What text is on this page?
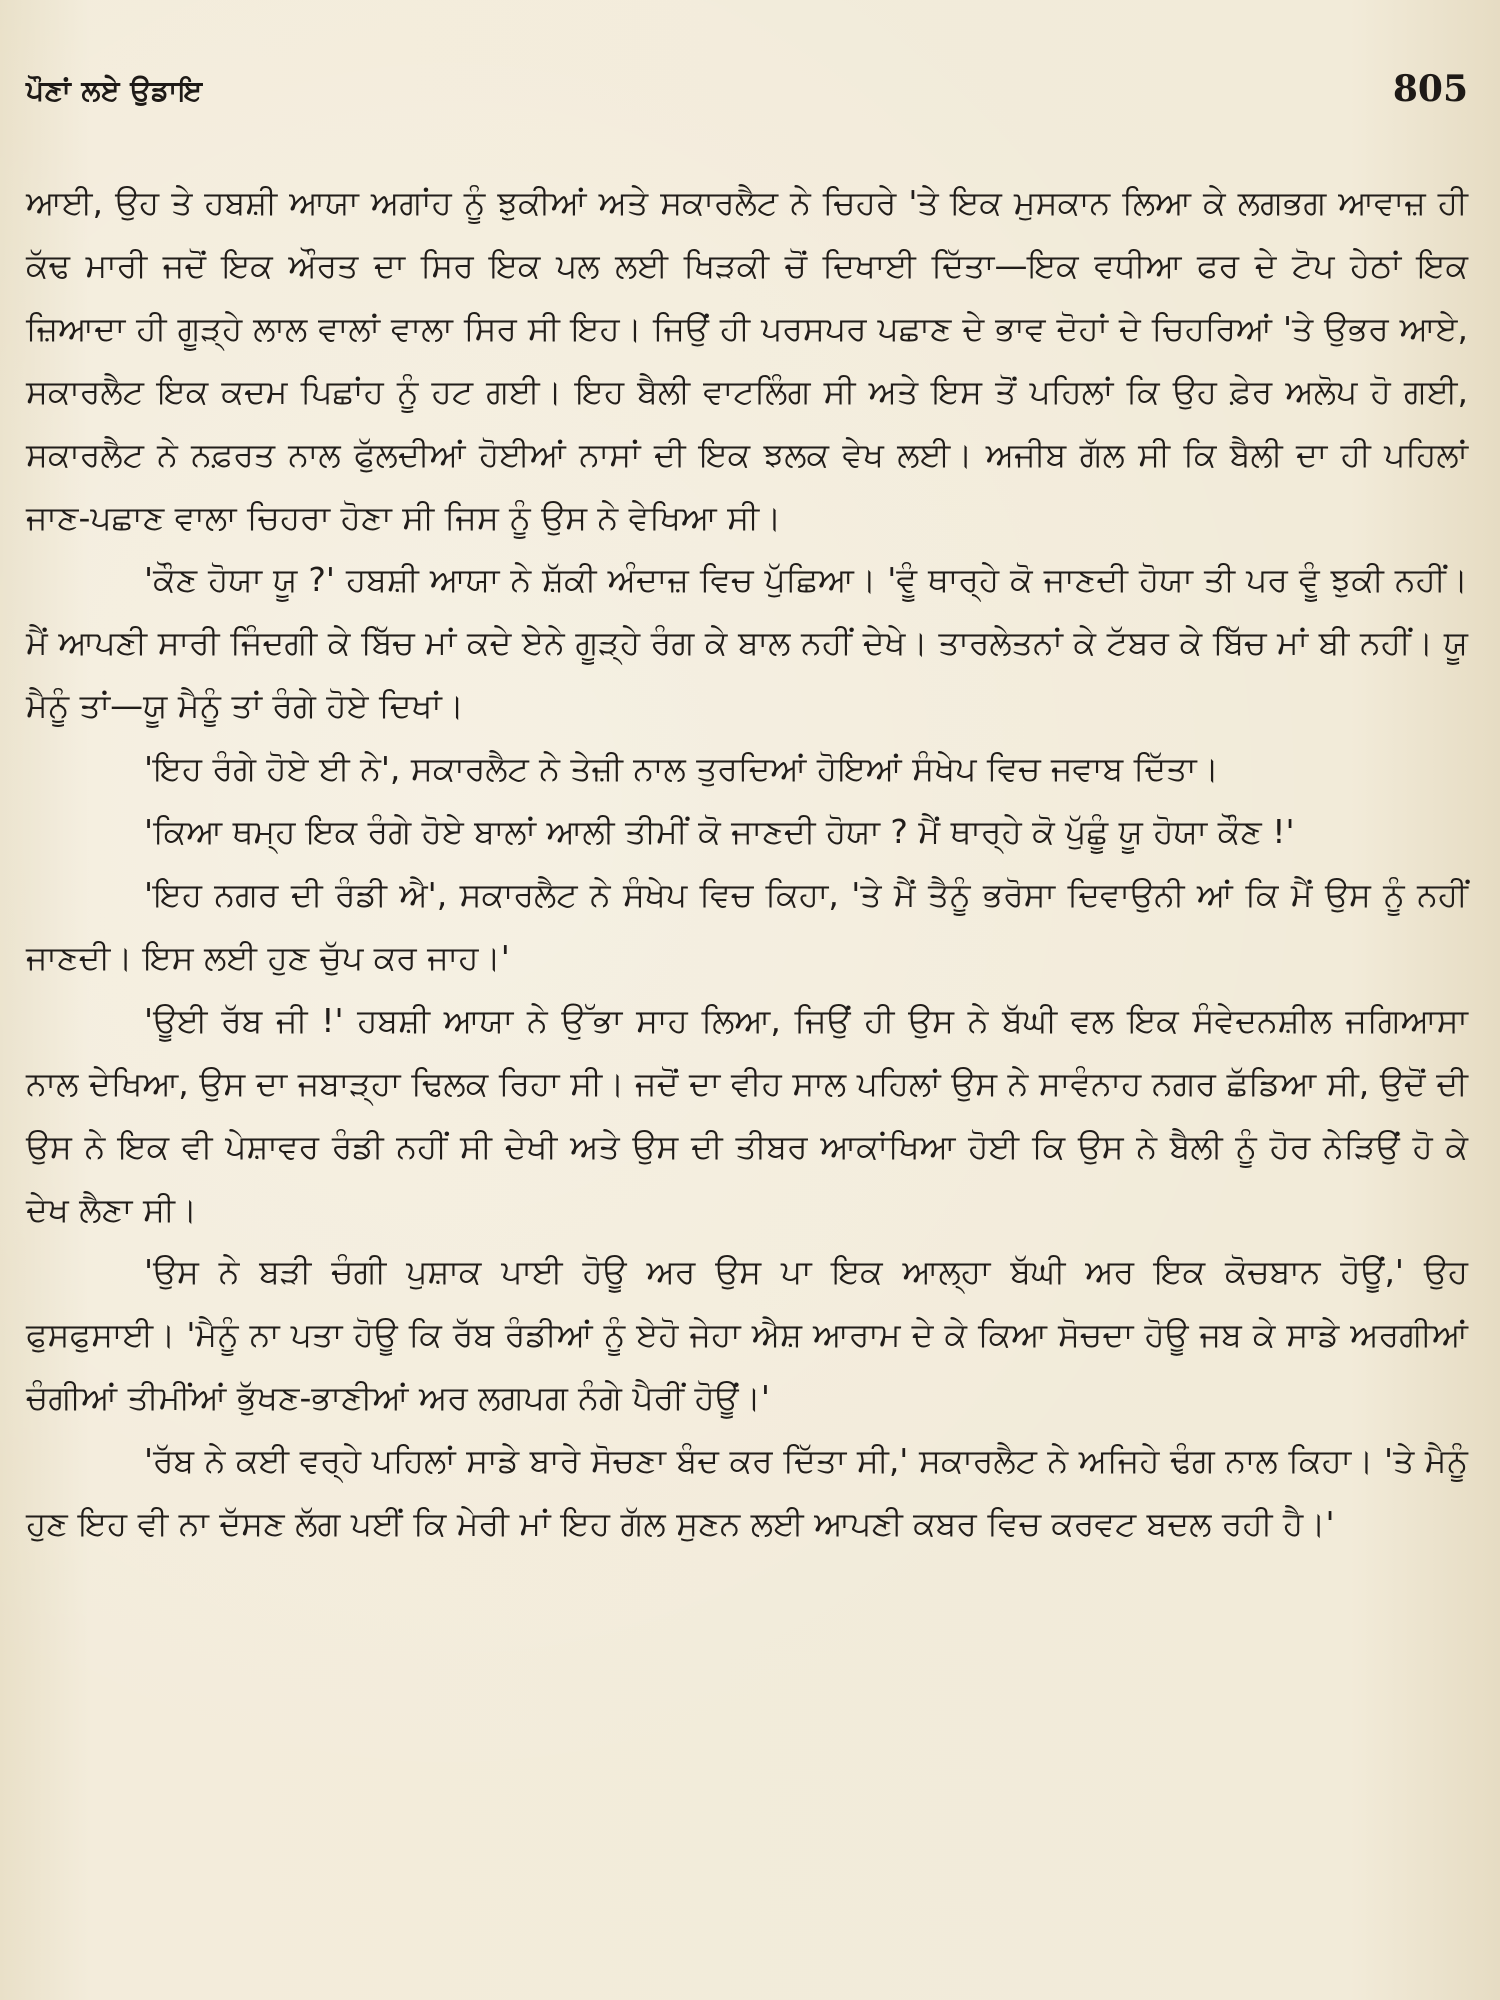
ਪੌਣਾਂ ਲਏ ਉਡਾਇ	805

ਆਈ, ਉਹ ਤੇ ਹਬਸ਼ੀ ਆਯਾ ਅਗਾਂਹ ਨੂੰ ਝੁਕੀਆਂ ਅਤੇ ਸਕਾਰਲੈਟ ਨੇ ਚਿਹਰੇ 'ਤੇ ਇਕ ਮੁਸਕਾਨ ਲਿਆ ਕੇ ਲਗਭਗ ਆਵਾਜ਼ ਹੀ ਕੱਢ ਮਾਰੀ ਜਦੋਂ ਇਕ ਔਰਤ ਦਾ ਸਿਰ ਇਕ ਪਲ ਲਈ ਖਿੜਕੀ ਚੋਂ ਦਿਖਾਈ ਦਿੱਤਾ—ਇਕ ਵਧੀਆ ਫਰ ਦੇ ਟੋਪ ਹੇਠਾਂ ਇਕ ਜ਼ਿਆਦਾ ਹੀ ਗੂੜ੍ਹੇ ਲਾਲ ਵਾਲਾਂ ਵਾਲਾ ਸਿਰ ਸੀ ਇਹ। ਜਿਉਂ ਹੀ ਪਰਸਪਰ ਪਛਾਣ ਦੇ ਭਾਵ ਦੋਹਾਂ ਦੇ ਚਿਹਰਿਆਂ 'ਤੇ ਉਭਰ ਆਏ, ਸਕਾਰਲੈਟ ਇਕ ਕਦਮ ਪਿਛਾਂਹ ਨੂੰ ਹਟ ਗਈ। ਇਹ ਬੈਲੀ ਵਾਟਲਿੰਗ ਸੀ ਅਤੇ ਇਸ ਤੋਂ ਪਹਿਲਾਂ ਕਿ ਉਹ ਫ਼ੇਰ ਅਲੋਪ ਹੋ ਗਈ, ਸਕਾਰਲੈਟ ਨੇ ਨਫ਼ਰਤ ਨਾਲ ਫੁੱਲਦੀਆਂ ਹੋਈਆਂ ਨਾਸਾਂ ਦੀ ਇਕ ਝਲਕ ਵੇਖ ਲਈ। ਅਜੀਬ ਗੱਲ ਸੀ ਕਿ ਬੈਲੀ ਦਾ ਹੀ ਪਹਿਲਾਂ ਜਾਣ-ਪਛਾਣ ਵਾਲਾ ਚਿਹਰਾ ਹੋਣਾ ਸੀ ਜਿਸ ਨੂੰ ਉਸ ਨੇ ਵੇਖਿਆ ਸੀ।

'ਕੌਣ ਹੋਯਾ ਯੂ ?' ਹਬਸ਼ੀ ਆਯਾ ਨੇ ਸ਼ੱਕੀ ਅੰਦਾਜ਼ ਵਿਚ ਪੁੱਛਿਆ। 'ਵੂੰ ਥਾਰ੍ਹੇ ਕੋ ਜਾਣਦੀ ਹੋਯਾ ਤੀ ਪਰ ਵੂੰ ਝੁਕੀ ਨਹੀਂ। ਮੈਂ ਆਪਣੀ ਸਾਰੀ ਜਿੰਦਗੀ ਕੇ ਬਿੱਚ ਮਾਂ ਕਦੇ ਏਨੇ ਗੂੜ੍ਹੇ ਰੰਗ ਕੇ ਬਾਲ ਨਹੀਂ ਦੇਖੇ। ਤਾਰਲੇਤਨਾਂ ਕੇ ਟੱਬਰ ਕੇ ਬਿੱਚ ਮਾਂ ਬੀ ਨਹੀਂ। ਯੂ ਮੈਨੂੰ ਤਾਂ—ਯੂ ਮੈਨੂੰ ਤਾਂ ਰੰਗੇ ਹੋਏ ਦਿਖਾਂ।

'ਇਹ ਰੰਗੇ ਹੋਏ ਈ ਨੇ', ਸਕਾਰਲੈਟ ਨੇ ਤੇਜ਼ੀ ਨਾਲ ਤੁਰਦਿਆਂ ਹੋਇਆਂ ਸੰਖੇਪ ਵਿਚ ਜਵਾਬ ਦਿੱਤਾ।

'ਕਿਆ ਥਮ੍ਹ ਇਕ ਰੰਗੇ ਹੋਏ ਬਾਲਾਂ ਆਲੀ ਤੀਮੀਂ ਕੋ ਜਾਣਦੀ ਹੋਯਾ ? ਮੈਂ ਥਾਰ੍ਹੇ ਕੋ ਪੁੱਛੂੰ ਯੂ ਹੋਯਾ ਕੌਣ !'

'ਇਹ ਨਗਰ ਦੀ ਰੰਡੀ ਐ', ਸਕਾਰਲੈਟ ਨੇ ਸੰਖੇਪ ਵਿਚ ਕਿਹਾ, 'ਤੇ ਮੈਂ ਤੈਨੂੰ ਭਰੋਸਾ ਦਿਵਾਉਨੀ ਆਂ ਕਿ ਮੈਂ ਉਸ ਨੂੰ ਨਹੀਂ ਜਾਣਦੀ। ਇਸ ਲਈ ਹੁਣ ਚੁੱਪ ਕਰ ਜਾਹ।'

'ਊਈ ਰੱਬ ਜੀ !' ਹਬਸ਼ੀ ਆਯਾ ਨੇ ਉੱਭਾ ਸਾਹ ਲਿਆ, ਜਿਉਂ ਹੀ ਉਸ ਨੇ ਬੱਘੀ ਵਲ ਇਕ ਸੰਵੇਦਨਸ਼ੀਲ ਜਗਿਆਸਾ ਨਾਲ ਦੇਖਿਆ, ਉਸ ਦਾ ਜਬਾੜ੍ਹਾ ਢਿਲਕ ਰਿਹਾ ਸੀ। ਜਦੋਂ ਦਾ ਵੀਹ ਸਾਲ ਪਹਿਲਾਂ ਉਸ ਨੇ ਸਾਵੰਨਾਹ ਨਗਰ ਛੱਡਿਆ ਸੀ, ਉਦੋਂ ਦੀ ਉਸ ਨੇ ਇਕ ਵੀ ਪੇਸ਼ਾਵਰ ਰੰਡੀ ਨਹੀਂ ਸੀ ਦੇਖੀ ਅਤੇ ਉਸ ਦੀ ਤੀਬਰ ਆਕਾਂਖਿਆ ਹੋਈ ਕਿ ਉਸ ਨੇ ਬੈਲੀ ਨੂੰ ਹੋਰ ਨੇੜਿਉਂ ਹੋ ਕੇ ਦੇਖ ਲੈਣਾ ਸੀ।

'ਉਸ ਨੇ ਬੜੀ ਚੰਗੀ ਪੁਸ਼ਾਕ ਪਾਈ ਹੋਊ ਅਰ ਉਸ ਪਾ ਇਕ ਆਲ੍ਹਾ ਬੱਘੀ ਅਰ ਇਕ ਕੋਚਬਾਨ ਹੋਊਂ,' ਉਹ ਫੁਸਫੁਸਾਈ। 'ਮੈਨੂੰ ਨਾ ਪਤਾ ਹੋਊ ਕਿ ਰੱਬ ਰੰਡੀਆਂ ਨੂੰ ਏਹੋ ਜੇਹਾ ਐਸ਼ ਆਰਾਮ ਦੇ ਕੇ ਕਿਆ ਸੋਚਦਾ ਹੋਊ ਜਬ ਕੇ ਸਾਡੇ ਅਰਗੀਆਂ ਚੰਗੀਆਂ ਤੀਮੀਂਆਂ ਭੁੱਖਣ-ਭਾਣੀਆਂ ਅਰ ਲਗਪਗ ਨੰਗੇ ਪੈਰੀਂ ਹੋਊਂ।'

'ਰੱਬ ਨੇ ਕਈ ਵਰ੍ਹੇ ਪਹਿਲਾਂ ਸਾਡੇ ਬਾਰੇ ਸੋਚਣਾ ਬੰਦ ਕਰ ਦਿੱਤਾ ਸੀ,' ਸਕਾਰਲੈਟ ਨੇ ਅਜਿਹੇ ਢੰਗ ਨਾਲ ਕਿਹਾ। 'ਤੇ ਮੈਨੂੰ ਹੁਣ ਇਹ ਵੀ ਨਾ ਦੱਸਣ ਲੱਗ ਪਈਂ ਕਿ ਮੇਰੀ ਮਾਂ ਇਹ ਗੱਲ ਸੁਣਨ ਲਈ ਆਪਣੀ ਕਬਰ ਵਿਚ ਕਰਵਟ ਬਦਲ ਰਹੀ ਹੈ।'
